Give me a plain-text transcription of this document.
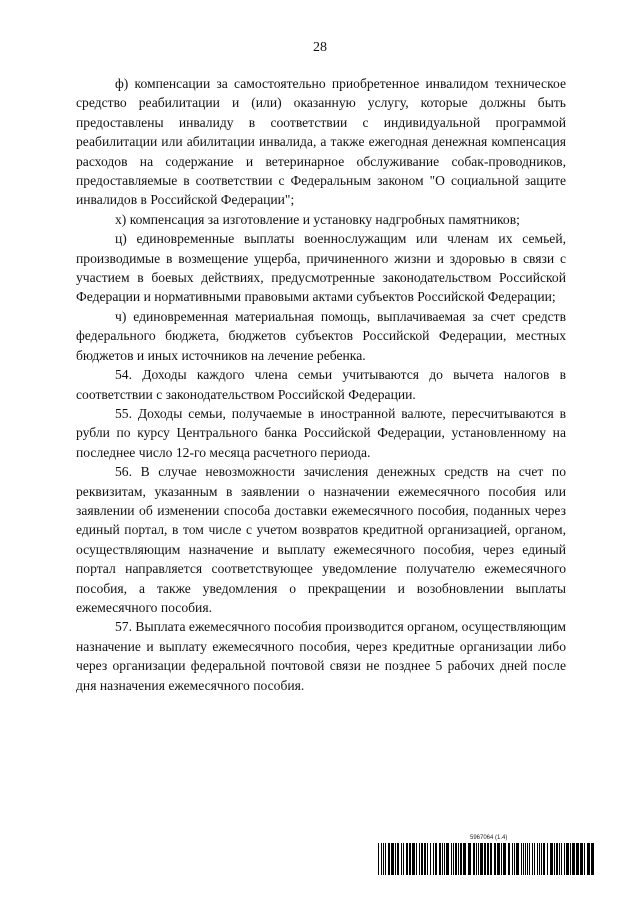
28

ф) компенсации за самостоятельно приобретенное инвалидом техническое средство реабилитации и (или) оказанную услугу, которые должны быть предоставлены инвалиду в соответствии с индивидуальной программой реабилитации или абилитации инвалида, а также ежегодная денежная компенсация расходов на содержание и ветеринарное обслуживание собак-проводников, предоставляемые в соответствии с Федеральным законом "О социальной защите инвалидов в Российской Федерации";

х) компенсация за изготовление и установку надгробных памятников;

ц) единовременные выплаты военнослужащим или членам их семьей, производимые в возмещение ущерба, причиненного жизни и здоровью в связи с участием в боевых действиях, предусмотренные законодательством Российской Федерации и нормативными правовыми актами субъектов Российской Федерации;

ч) единовременная материальная помощь, выплачиваемая за счет средств федерального бюджета, бюджетов субъектов Российской Федерации, местных бюджетов и иных источников на лечение ребенка.

54. Доходы каждого члена семьи учитываются до вычета налогов в соответствии с законодательством Российской Федерации.

55. Доходы семьи, получаемые в иностранной валюте, пересчитываются в рубли по курсу Центрального банка Российской Федерации, установленному на последнее число 12-го месяца расчетного периода.

56. В случае невозможности зачисления денежных средств на счет по реквизитам, указанным в заявлении о назначении ежемесячного пособия или заявлении об изменении способа доставки ежемесячного пособия, поданных через единый портал, в том числе с учетом возвратов кредитной организацией, органом, осуществляющим назначение и выплату ежемесячного пособия, через единый портал направляется соответствующее уведомление получателю ежемесячного пособия, а также уведомления о прекращении и возобновлении выплаты ежемесячного пособия.

57. Выплата ежемесячного пособия производится органом, осуществляющим назначение и выплату ежемесячного пособия, через кредитные организации либо через организации федеральной почтовой связи не позднее 5 рабочих дней после дня назначения ежемесячного пособия.

5967064 (1.4)
